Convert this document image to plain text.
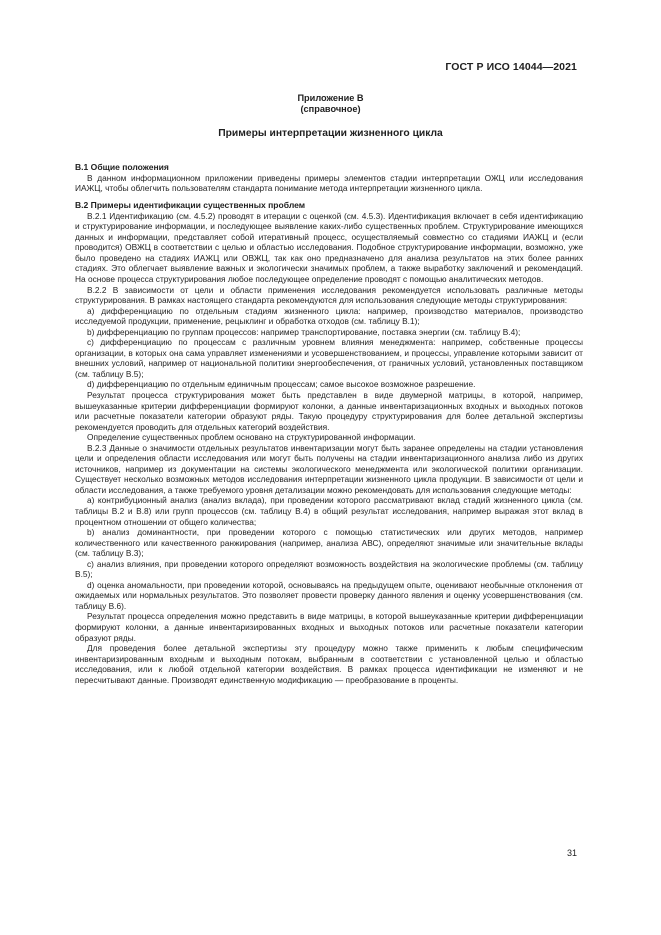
ГОСТ Р ИСО 14044—2021
Приложение В
(справочное)
Примеры интерпретации жизненного цикла
В.1 Общие положения

В данном информационном приложении приведены примеры элементов стадии интерпретации ОЖЦ или исследования ИАЖЦ, чтобы облегчить пользователям стандарта понимание метода интерпретации жизненного цикла.

В.2 Примеры идентификации существенных проблем

В.2.1 Идентификацию (см. 4.5.2) проводят в итерации с оценкой (см. 4.5.3). Идентификация включает в себя идентификацию и структурирование информации, и последующее выявление каких-либо существенных проблем. Структурирование имеющихся данных и информации, представляет собой итеративный процесс, осуществляемый совместно со стадиями ИАЖЦ и (если проводится) ОВЖЦ в соответствии с целью и областью исследования. Подобное структурирование информации, возможно, уже было проведено на стадиях ИАЖЦ или ОВЖЦ, так как оно предназначено для анализа результатов на этих более ранних стадиях. Это облегчает выявление важных и экологически значимых проблем, а также выработку заключений и рекомендаций. На основе процесса структурирования любое последующее определение проводят с помощью аналитических методов.

В.2.2 В зависимости от цели и области применения исследования рекомендуется использовать различные методы структурирования. В рамках настоящего стандарта рекомендуются для использования следующие методы структурирования:

a) дифференциацию по отдельным стадиям жизненного цикла: например, производство материалов, производство исследуемой продукции, применение, рецыклинг и обработка отходов (см. таблицу В.1);

b) дифференциацию по группам процессов: например транспортирование, поставка энергии (см. таблицу В.4);

c) дифференциацию по процессам с различным уровнем влияния менеджмента: например, собственные процессы организации, в которых она сама управляет изменениями и усовершенствованием, и процессы, управление которыми зависит от внешних условий, например от национальной политики энергообеспечения, от граничных условий, установленных поставщиком (см. таблицу В.5);

d) дифференциацию по отдельным единичным процессам; самое высокое возможное разрешение.

Результат процесса структурирования может быть представлен в виде двумерной матрицы, в которой, например, вышеуказанные критерии дифференциации формируют колонки, а данные инвентаризационных входных и выходных потоков или расчетные показатели категории образуют ряды. Такую процедуру структурирования для более детальной экспертизы рекомендуется проводить для отдельных категорий воздействия.

Определение существенных проблем основано на структурированной информации.

В.2.3 Данные о значимости отдельных результатов инвентаризации могут быть заранее определены на стадии установления цели и определения области исследования или могут быть получены на стадии инвентаризационного анализа либо из других источников, например из документации на системы экологического менеджмента или экологической политики организации. Существует несколько возможных методов исследования интерпретации жизненного цикла продукции. В зависимости от цели и области исследования, а также требуемого уровня детализации можно рекомендовать для использования следующие методы:

a) контрибуционный анализ (анализ вклада), при проведении которого рассматривают вклад стадий жизненного цикла (см. таблицы В.2 и В.8) или групп процессов (см. таблицу В.4) в общий результат исследования, например выражая этот вклад в процентном отношении от общего количества;

b) анализ доминантности, при проведении которого с помощью статистических или других методов, например количественного или качественного ранжирования (например, анализа АВС), определяют значимые или значительные вклады (см. таблицу В.3);

c) анализ влияния, при проведении которого определяют возможность воздействия на экологические проблемы (см. таблицу В.5);

d) оценка аномальности, при проведении которой, основываясь на предыдущем опыте, оценивают необычные отклонения от ожидаемых или нормальных результатов. Это позволяет провести проверку данного явления и оценку усовершенствования (см. таблицу В.6).

Результат процесса определения можно представить в виде матрицы, в которой вышеуказанные критерии дифференциации формируют колонки, а данные инвентаризированных входных и выходных потоков или расчетные показатели категории образуют ряды.

Для проведения более детальной экспертизы эту процедуру можно также применить к любым специфическим инвентаризированным входным и выходным потокам, выбранным в соответствии с установленной целью и областью исследования, или к любой отдельной категории воздействия. В рамках процесса идентификации не изменяют и не пересчитывают данные. Производят единственную модификацию — преобразование в проценты.

31
